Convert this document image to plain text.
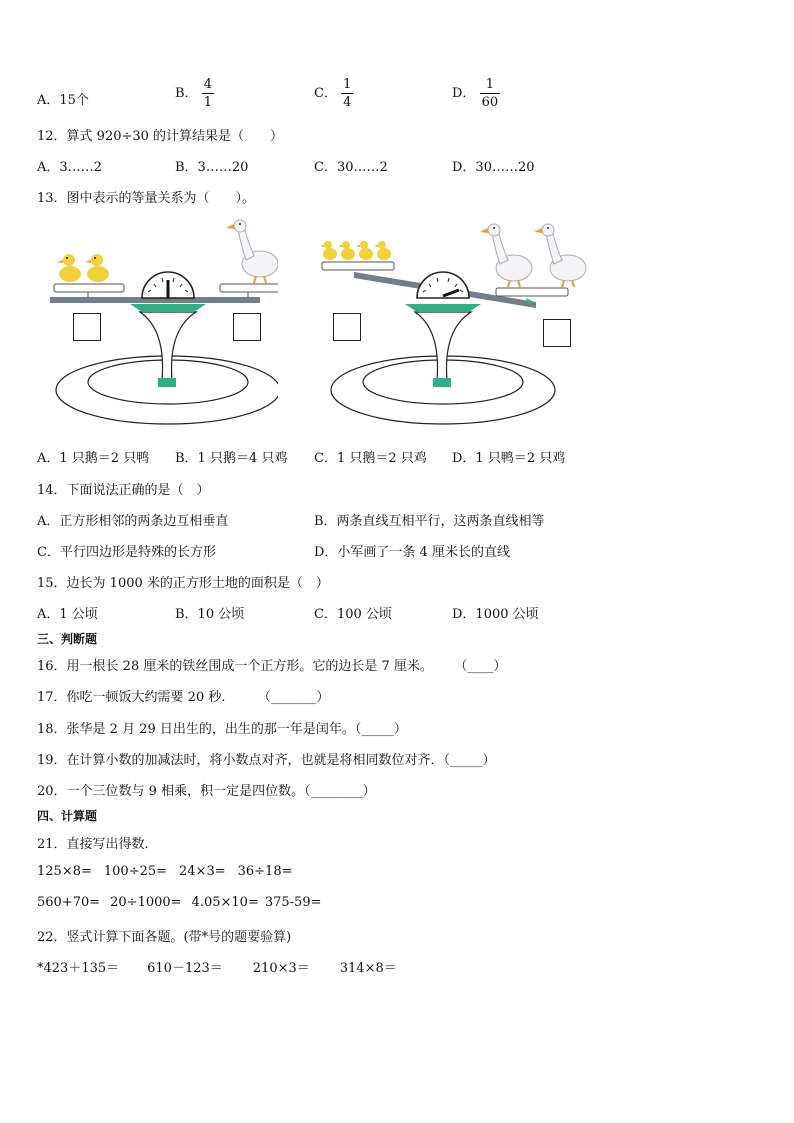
A．15个	B． $\frac{4}{1}$	C． $\frac{1}{4}$	D． $\frac{1}{60}$
12．算式 920÷30 的计算结果是（　　）
A．3……2	B．3……20	C．30……2	D．30……20
13．图中表示的等量关系为（　　）。
A．1 只鹅＝2 只鸭 B．1 只鹅＝4 只鸡 C．1 只鹅＝2 只鸡 D．1 只鸭＝2 只鸡
14．下面说法正确的是（　）
A．正方形相邻的两条边互相垂直	B．两条直线互相平行，这两条直线相等
C．平行四边形是特殊的长方形	D．小军画了一条 4 厘米长的直线
15．边长为 1000 米的正方形土地的面积是（　）
A．1 公顷	B．10 公顷	C．100 公顷	D．1000 公顷
三、判断题
16．用一根长 28 厘米的铁丝围成一个正方形。它的边长是 7 厘米。 （____）
17．你吃一顿饭大约需要 20 秒． （_______）
18．张华是 2 月 29 日出生的，出生的那一年是闰年。（_____）
19．在计算小数的加减法时，将小数点对齐，也就是将相同数位对齐．（_____）
20．一个三位数与 9 相乘，积一定是四位数。（________）
四、计算题
21．直接写出得数．
125×8= 100÷25= 24×3= 36÷18=
560+70= 20÷1000= 4.05×10= 375-59=
22．竖式计算下面各题。(带*号的题要验算)
*423＋135＝ 610－123＝ 210×3＝ 314×8＝
